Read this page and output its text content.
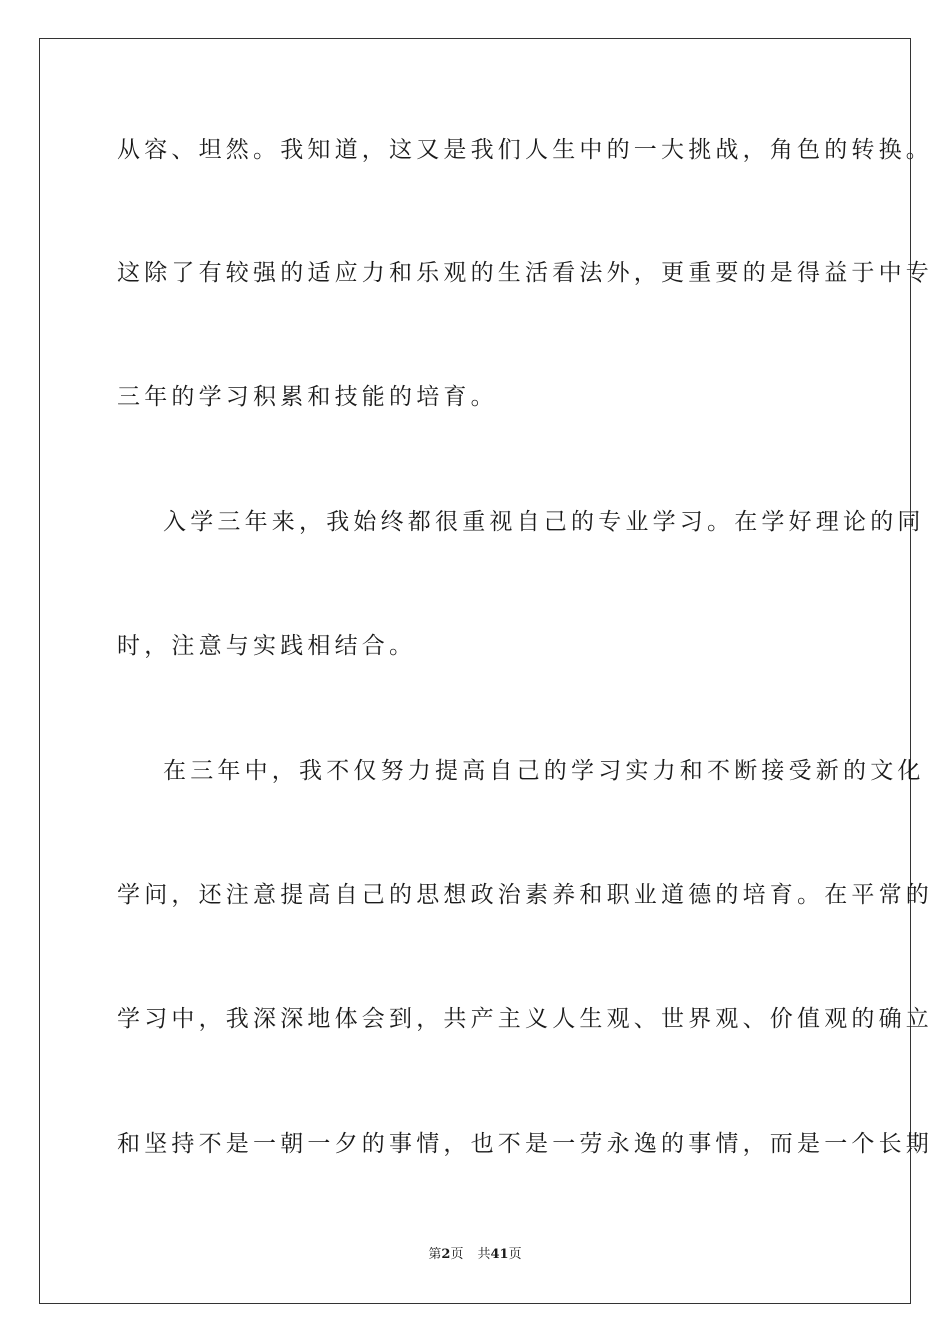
从容、坦然。我知道，这又是我们人生中的一大挑战，角色的转换。
这除了有较强的适应力和乐观的生活看法外，更重要的是得益于中专
三年的学习积累和技能的培育。
入学三年来，我始终都很重视自己的专业学习。在学好理论的同
时，注意与实践相结合。
在三年中，我不仅努力提高自己的学习实力和不断接受新的文化
学问，还注意提高自己的思想政治素养和职业道德的培育。在平常的
学习中，我深深地体会到，共产主义人生观、世界观、价值观的确立
和坚持不是一朝一夕的事情，也不是一劳永逸的事情，而是一个长期
第2页 共41页
